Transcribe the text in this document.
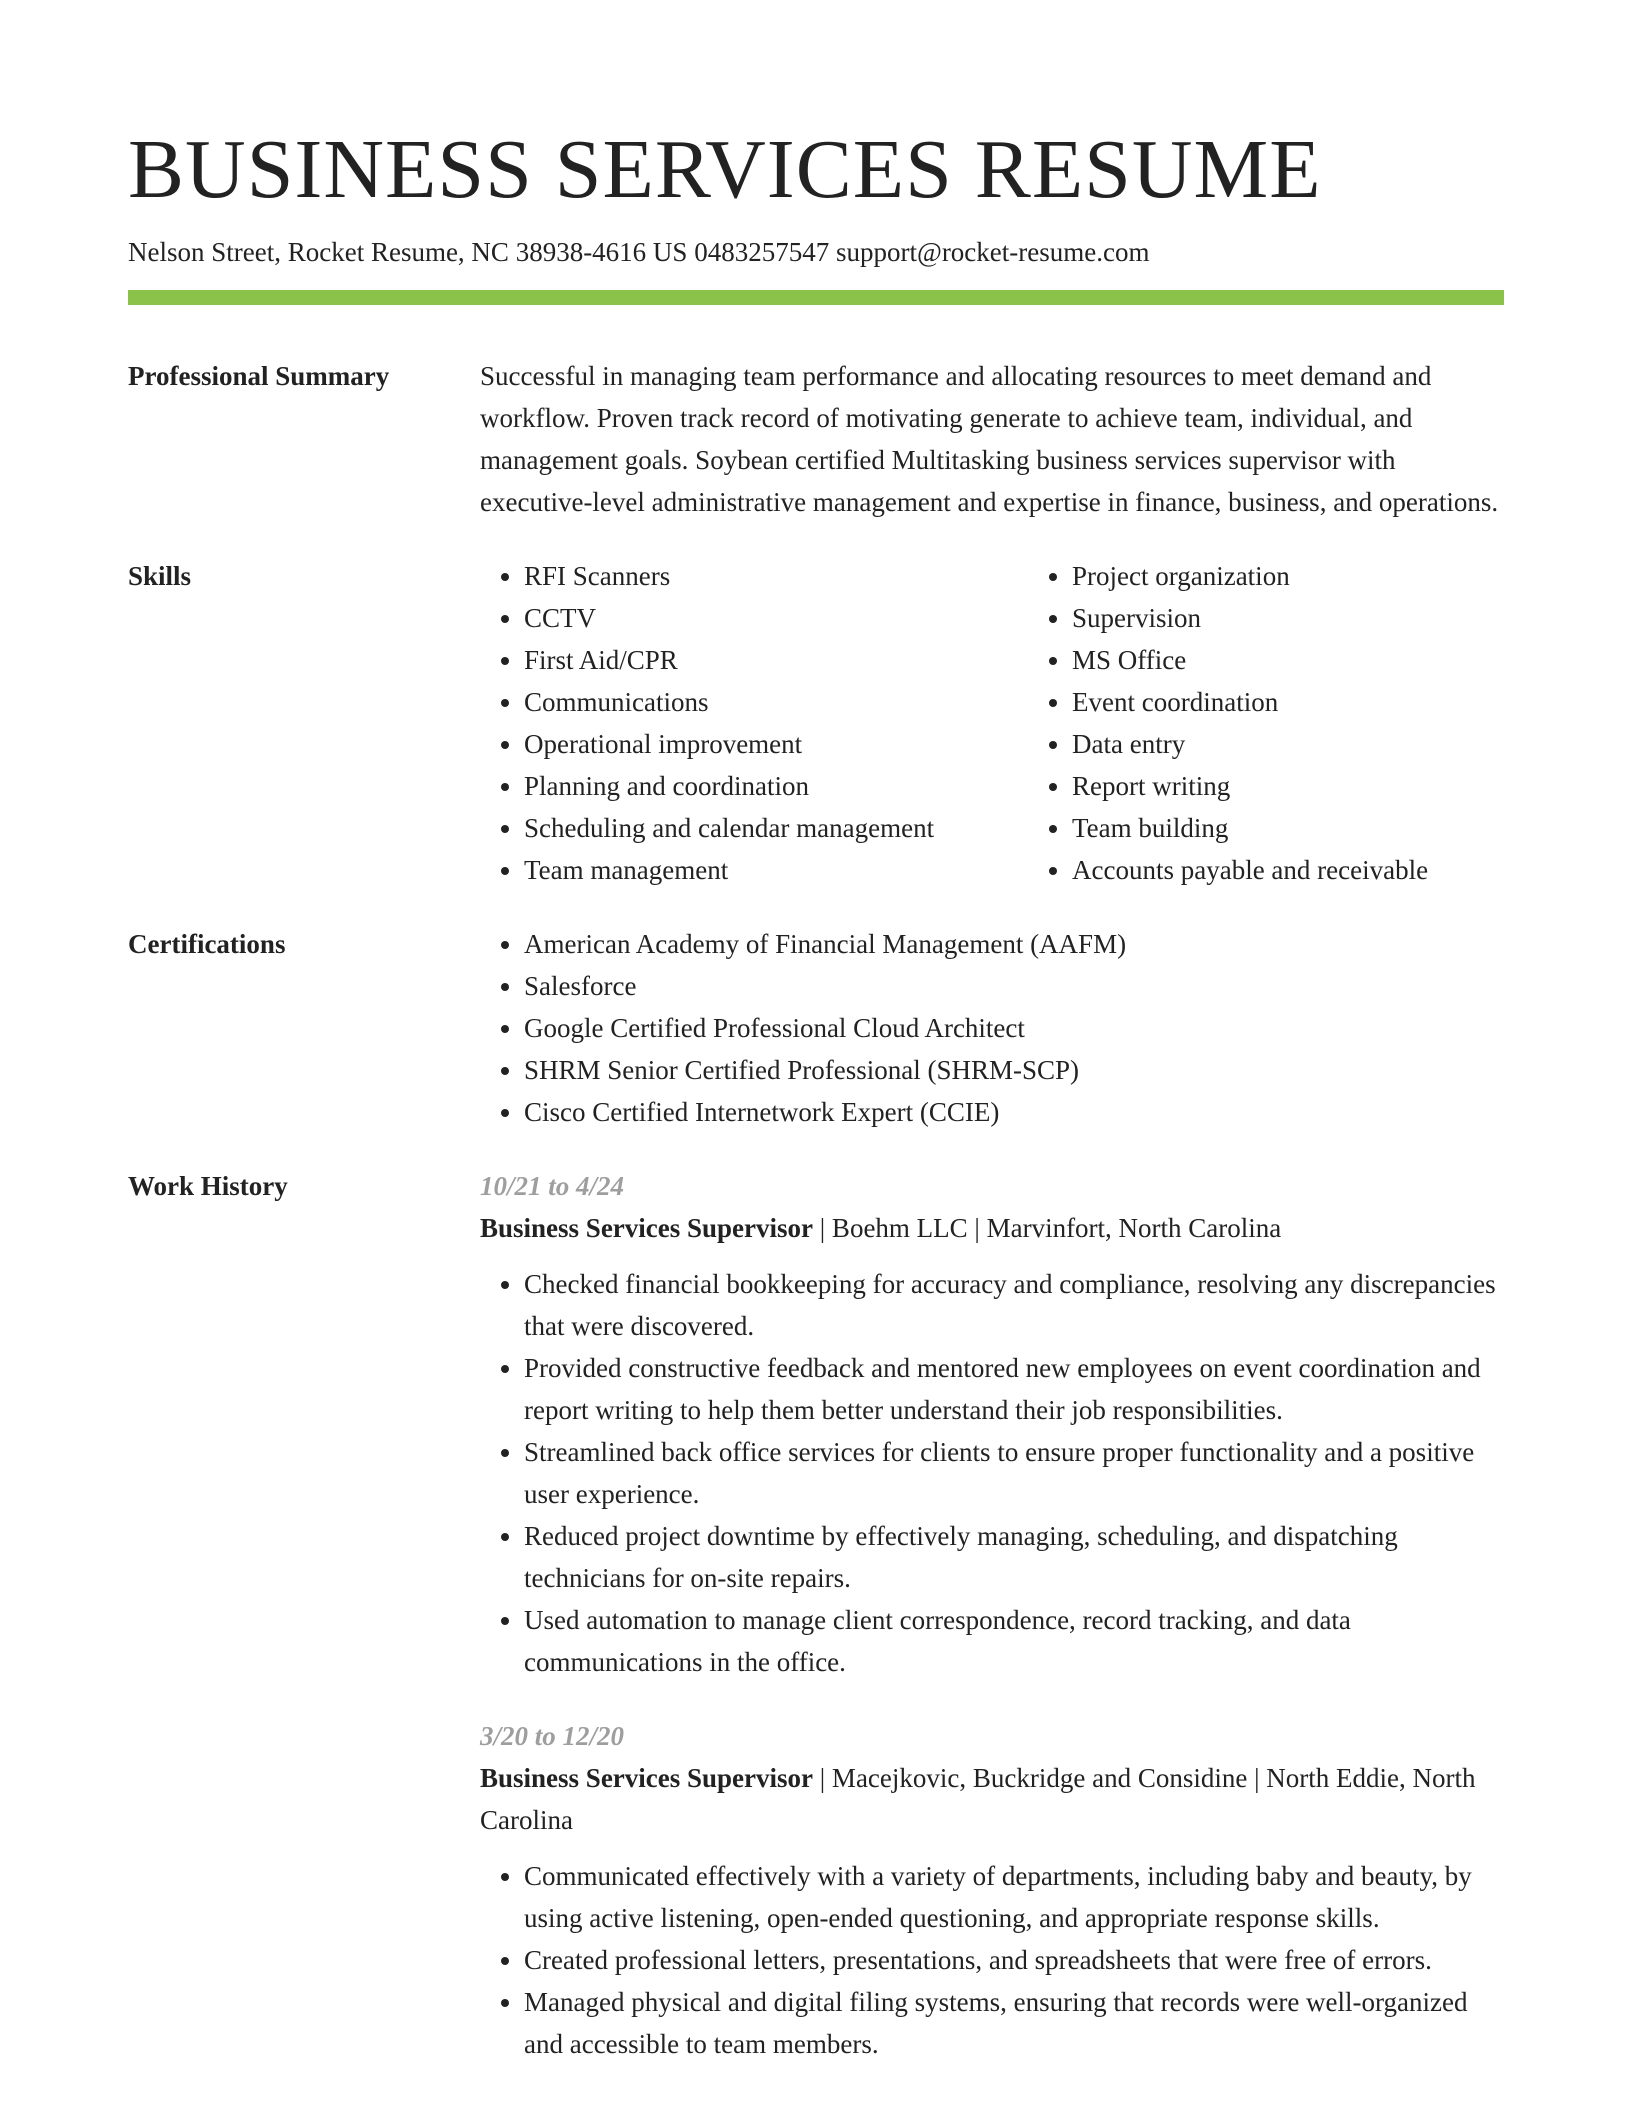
BUSINESS SERVICES RESUME
Nelson Street, Rocket Resume, NC 38938-4616 US 0483257547 support@rocket-resume.com
Professional Summary	Successful in managing team performance and allocating resources to meet demand and workflow. Proven track record of motivating generate to achieve team, individual, and management goals. Soybean certified Multitasking business services supervisor with executive-level administrative management and expertise in finance, business, and operations.

Skills	• RFI Scanners
• CCTV
• First Aid/CPR
• Communications
• Operational improvement
• Planning and coordination
• Scheduling and calendar management
• Team management
• Project organization
• Supervision
• MS Office
• Event coordination
• Data entry
• Report writing
• Team building
• Accounts payable and receivable
Certifications	• American Academy of Financial Management (AAFM)
• Salesforce
• Google Certified Professional Cloud Architect
• SHRM Senior Certified Professional (SHRM-SCP)
• Cisco Certified Internetwork Expert (CCIE)
Work History	10/21 to 4/24
Business Services Supervisor | Boehm LLC | Marvinfort, North Carolina
• Checked financial bookkeeping for accuracy and compliance, resolving any discrepancies that were discovered.
• Provided constructive feedback and mentored new employees on event coordination and report writing to help them better understand their job responsibilities.
• Streamlined back office services for clients to ensure proper functionality and a positive user experience.
• Reduced project downtime by effectively managing, scheduling, and dispatching technicians for on-site repairs.
• Used automation to manage client correspondence, record tracking, and data communications in the office.
3/20 to 12/20
Business Services Supervisor | Macejkovic, Buckridge and Considine | North Eddie, North Carolina
• Communicated effectively with a variety of departments, including baby and beauty, by using active listening, open-ended questioning, and appropriate response skills.
• Created professional letters, presentations, and spreadsheets that were free of errors.
• Managed physical and digital filing systems, ensuring that records were well-organized and accessible to team members.
